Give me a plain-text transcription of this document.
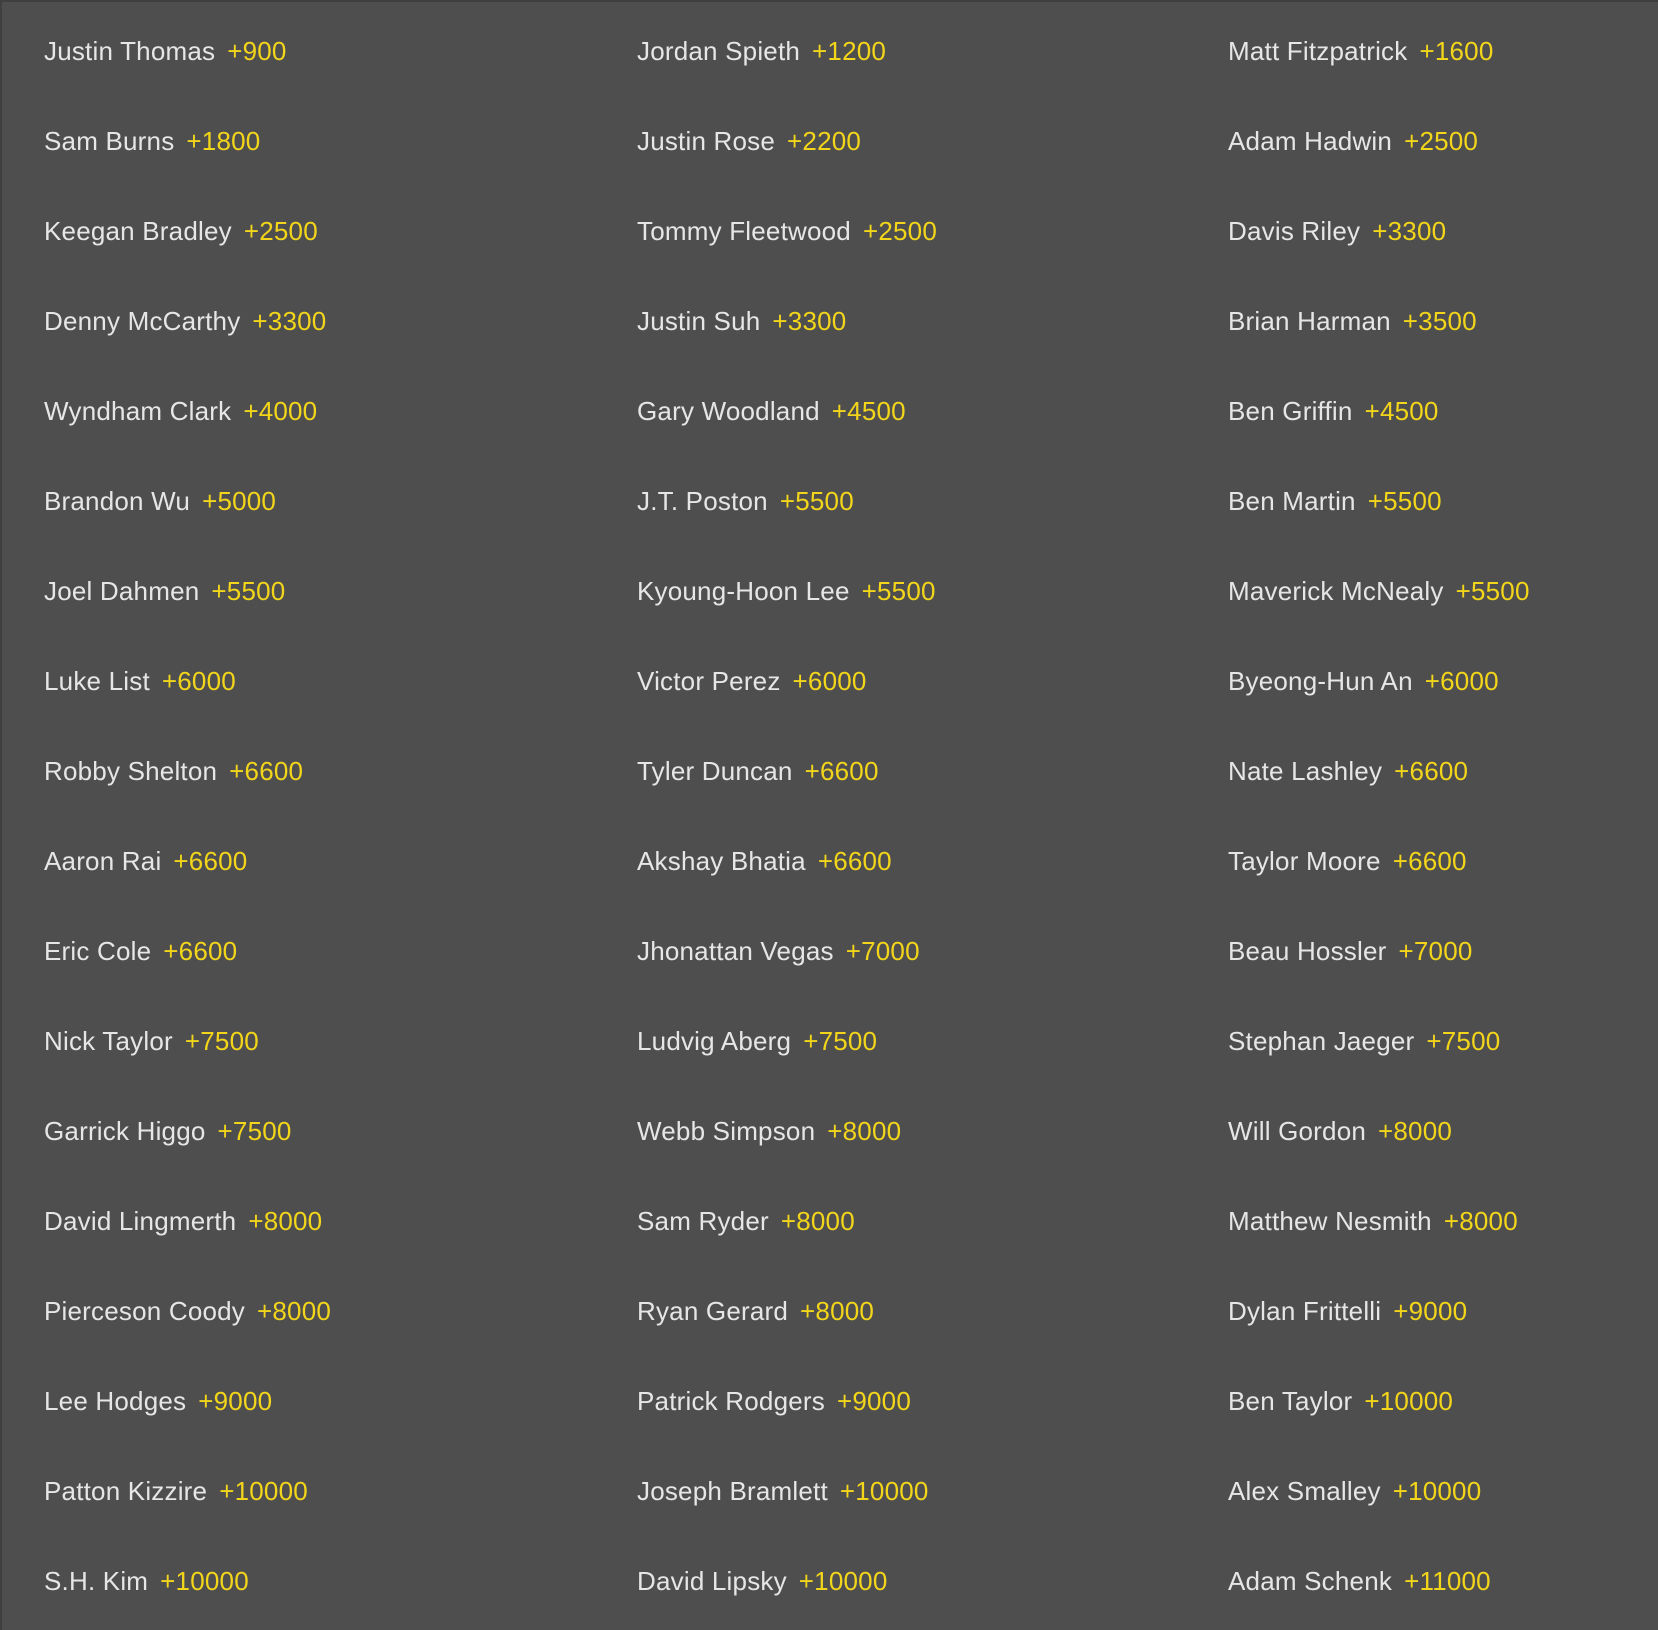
Justin Thomas +900	Jordan Spieth +1200	Matt Fitzpatrick +1600
Sam Burns +1800	Justin Rose +2200	Adam Hadwin +2500
Keegan Bradley +2500	Tommy Fleetwood +2500	Davis Riley +3300
Denny McCarthy +3300	Justin Suh +3300	Brian Harman +3500
Wyndham Clark +4000	Gary Woodland +4500	Ben Griffin +4500
Brandon Wu +5000	J.T. Poston +5500	Ben Martin +5500
Joel Dahmen +5500	Kyoung-Hoon Lee +5500	Maverick McNealy +5500
Luke List +6000	Victor Perez +6000	Byeong-Hun An +6000
Robby Shelton +6600	Tyler Duncan +6600	Nate Lashley +6600
Aaron Rai +6600	Akshay Bhatia +6600	Taylor Moore +6600
Eric Cole +6600	Jhonattan Vegas +7000	Beau Hossler +7000
Nick Taylor +7500	Ludvig Aberg +7500	Stephan Jaeger +7500
Garrick Higgo +7500	Webb Simpson +8000	Will Gordon +8000
David Lingmerth +8000	Sam Ryder +8000	Matthew Nesmith +8000
Pierceson Coody +8000	Ryan Gerard +8000	Dylan Frittelli +9000
Lee Hodges +9000	Patrick Rodgers +9000	Ben Taylor +10000
Patton Kizzire +10000	Joseph Bramlett +10000	Alex Smalley +10000
S.H. Kim +10000	David Lipsky +10000	Adam Schenk +11000
